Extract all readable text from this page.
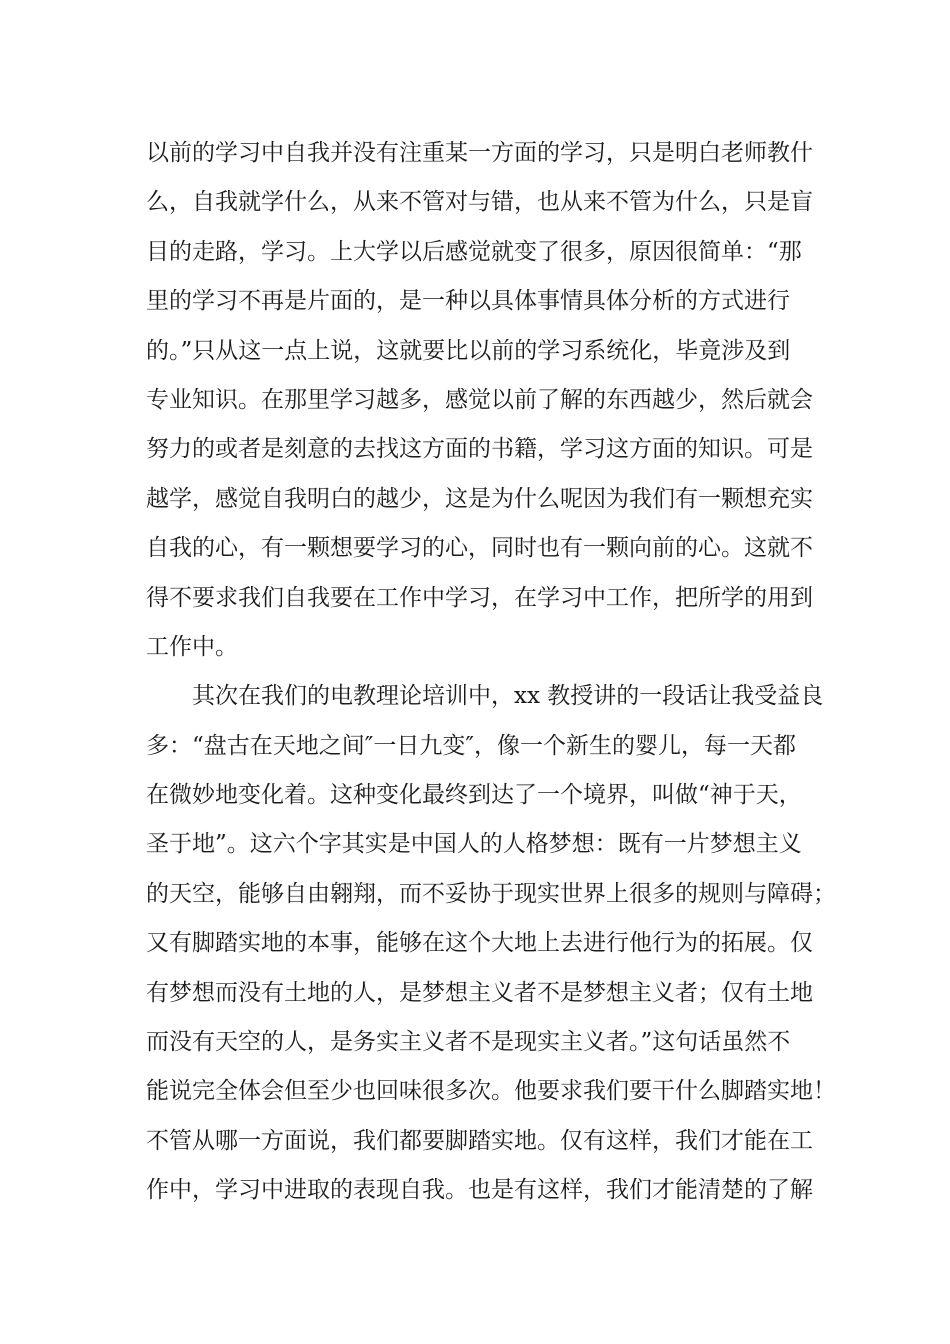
以前的学习中自我并没有注重某一方面的学习，只是明白老师教什
么，自我就学什么，从来不管对与错，也从来不管为什么，只是盲
目的走路，学习。上大学以后感觉就变了很多，原因很简单：“那
里的学习不再是片面的，是一种以具体事情具体分析的方式进行
的。”只从这一点上说，这就要比以前的学习系统化，毕竟涉及到
专业知识。在那里学习越多，感觉以前了解的东西越少，然后就会
努力的或者是刻意的去找这方面的书籍，学习这方面的知识。可是
越学，感觉自我明白的越少，这是为什么呢因为我们有一颗想充实
自我的心，有一颗想要学习的心，同时也有一颗向前的心。这就不
得不要求我们自我要在工作中学习，在学习中工作，把所学的用到
工作中。
其次在我们的电教理论培训中，xx 教授讲的一段话让我受益良
多：“盘古在天地之间″一日九变″，像一个新生的婴儿，每一天都
在微妙地变化着。这种变化最终到达了一个境界，叫做“神于天，
圣于地”。这六个字其实是中国人的人格梦想：既有一片梦想主义
的天空，能够自由翱翔，而不妥协于现实世界上很多的规则与障碍；
又有脚踏实地的本事，能够在这个大地上去进行他行为的拓展。仅
有梦想而没有土地的人，是梦想主义者不是梦想主义者；仅有土地
而没有天空的人，是务实主义者不是现实主义者。”这句话虽然不
能说完全体会但至少也回味很多次。他要求我们要干什么脚踏实地！
不管从哪一方面说，我们都要脚踏实地。仅有这样，我们才能在工
作中，学习中进取的表现自我。也是有这样，我们才能清楚的了解
